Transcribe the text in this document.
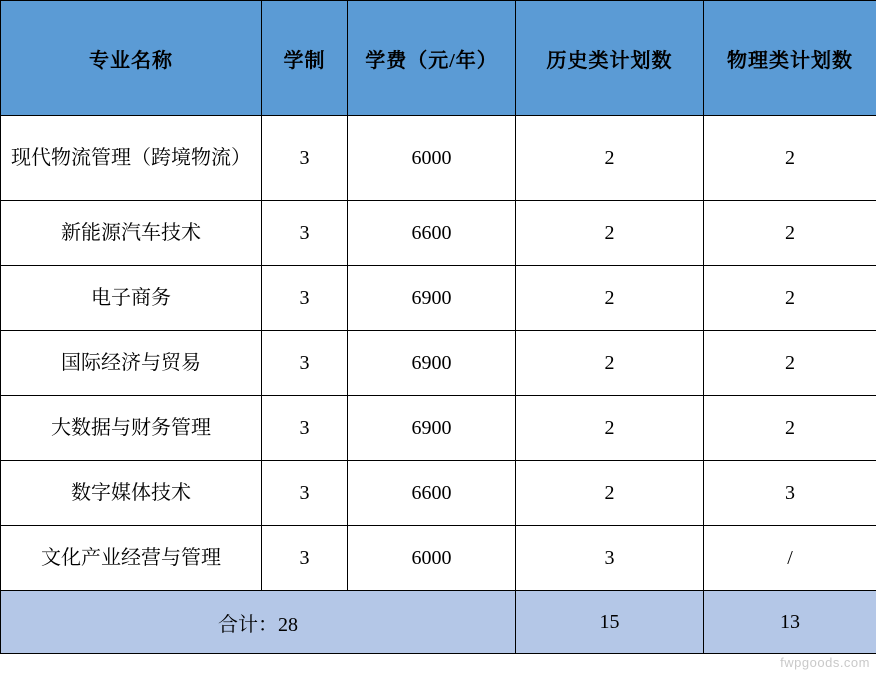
专业名称	学制	学费（元/年）	历史类计划数	物理类计划数
现代物流管理（跨境物流）	3	6000	2	2
新能源汽车技术	3	6600	2	2
电子商务	3	6900	2	2
国际经济与贸易	3	6900	2	2
大数据与财务管理	3	6900	2	2
数字媒体技术	3	6600	2	3
文化产业经营与管理	3	6000	3	/
合计：28			15	13
fwpgoods.com
